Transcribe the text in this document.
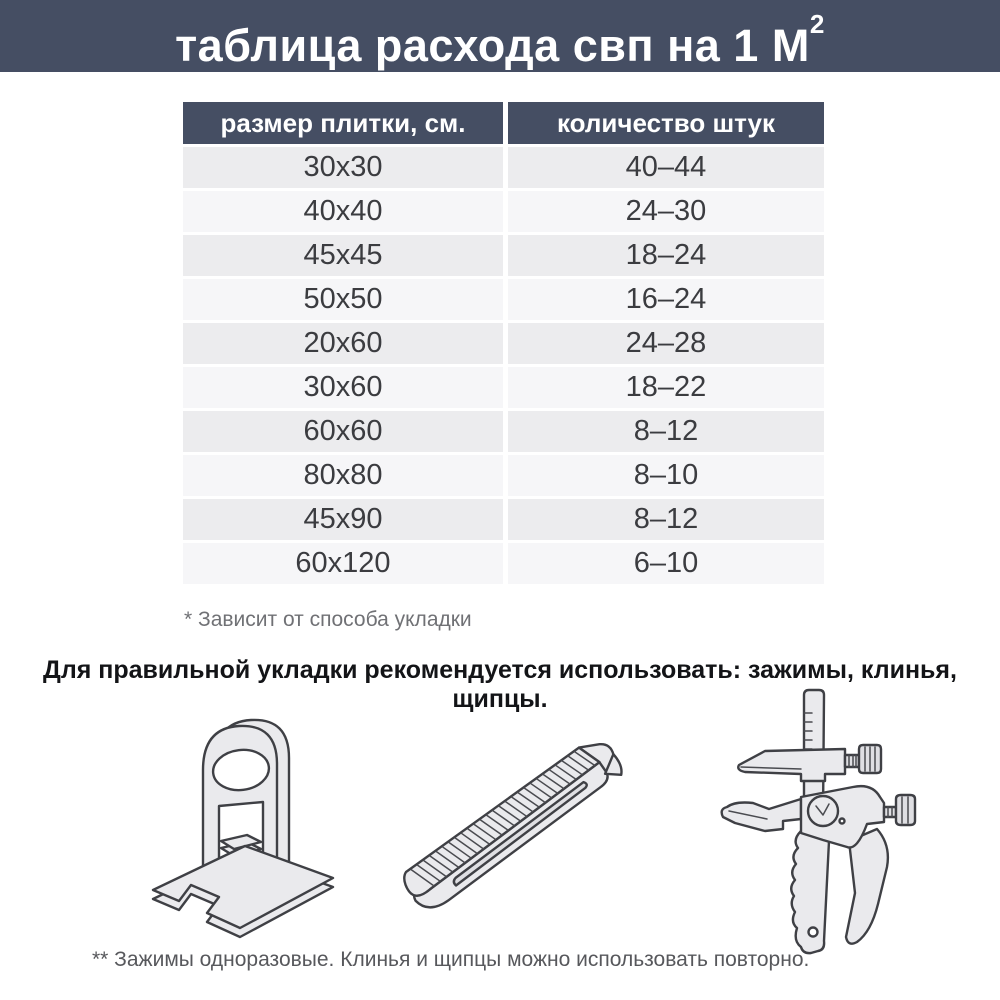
таблица расхода свп на 1 $М^2$
размер плитки, см.	количество штук
30х30	40–44
40х40	24–30
45х45	18–24
50х50	16–24
20х60	24–28
30х60	18–22
60х60	8–12
80х80	8–10
45х90	8–12
60х120	6–10
* Зависит от способа укладки
Для правильной укладки рекомендуется использовать: зажимы, клинья, щипцы.
** Зажимы одноразовые. Клинья и щипцы можно использовать повторно.
